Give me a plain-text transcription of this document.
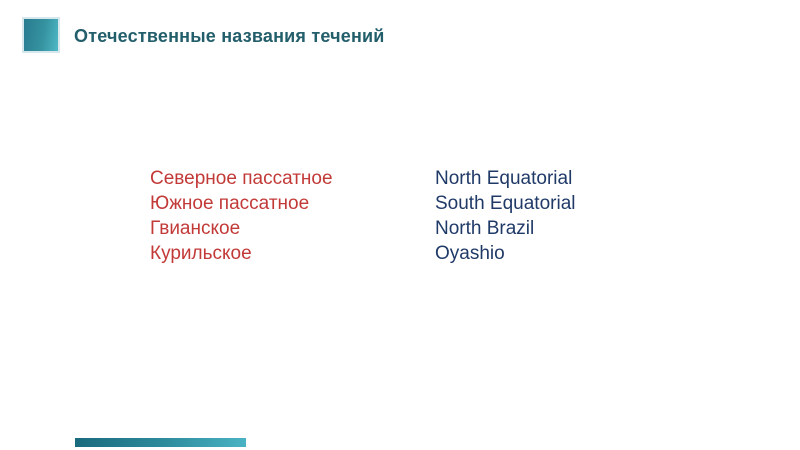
Отечественные названия течений
Северное пассатное
Южное пассатное
Гвианское
Курильское
North Equatorial
South Equatorial
North Brazil
Oyashio
